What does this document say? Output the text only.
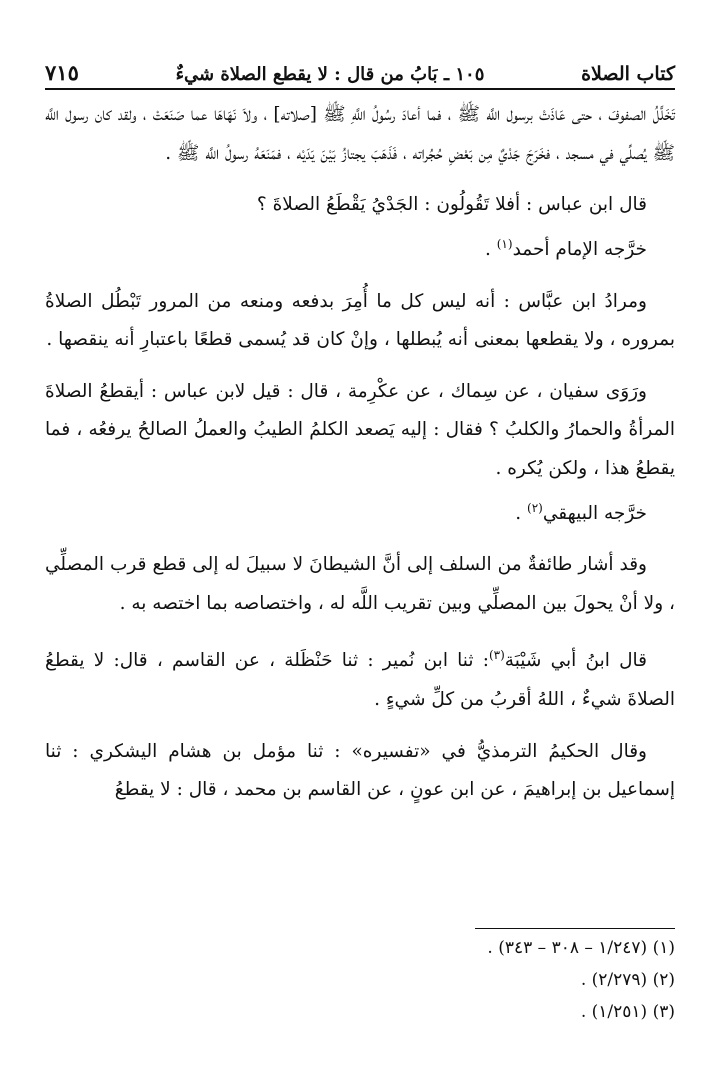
كتاب الصلاة
١٠٥ ـ بَابُ من قال : لا يقطع الصلاة شيءٌ
٧١٥

تَخَلَّلُ الصفوفَ ، حتى عَاذَتْ برسول اللَّه ﷺ ، فما أعادَ رسُولُ اللَّهِ ﷺ [صلاته] ، ولاَ نَهَاهَا عما صَنَعَتْ ، ولقد كان رسول اللَّه ﷺ يُصلِّي في مسجد ، فخَرَجَ جَدْيٌ مِن بَعْضِ حُجُراته ، فَذَهَبَ يجتازُ بَيْنَ يَدَيْه ، فمَنَعَهُ رسولُ اللَّه ﷺ .

قال ابن عباس : أفلا تَقُولُون : الجَدْيُ يَقْطَعُ الصلاةَ ؟

خرَّجه الإمام أحمد$^{(١)}$ .

ومرادُ ابن عبَّاس : أنه ليس كل ما أُمِرَ بدفعه ومنعه من المرور تَبْطُل الصلاةُ بمروره ، ولا يقطعها بمعنى أنه يُبطلها ، وإنْ كان قد يُسمى قطعًا باعتبارِ أنه ينقصها .

ورَوَى سفيان ، عن سِماك ، عن عكْرِمة ، قال : قيل لابن عباس : أيقطعُ الصلاةَ المرأةُ والحمارُ والكلبُ ؟ فقال : إليه يَصعد الكلمُ الطيبُ والعملُ الصالحُ يرفعُه ، فما يقطعُ هذا ، ولكن يُكره .

خرَّجه البيهقي$^{(٢)}$ .

وقد أشار طائفةٌ من السلف إلى أنَّ الشيطانَ لا سبيلَ له إلى قطع قرب المصلِّي ، ولا أنْ يحولَ بين المصلِّي وبين تقريب اللَّه له ، واختصاصه بما اختصه به .

قال ابنُ أبي شَيْبَة$^{(٣)}$: ثنا ابن نُمير : ثنا حَنْظَلة ، عن القاسم ، قال: لا يقطعُ الصلاةَ شيءٌ ، اللهُ أقربُ من كلِّ شيءٍ .

وقال الحكيمُ الترمذيُّ في «تفسيره» : ثنا مؤمل بن هشام اليشكري : ثنا إسماعيل بن إبراهيمَ ، عن ابن عونٍ ، عن القاسم بن محمد ، قال : لا يقطعُ

(١) (١/٢٤٧ – ٣٠٨ – ٣٤٣) .
(٢) (٢/٢٧٩) .
(٣) (١/٢٥١) .
